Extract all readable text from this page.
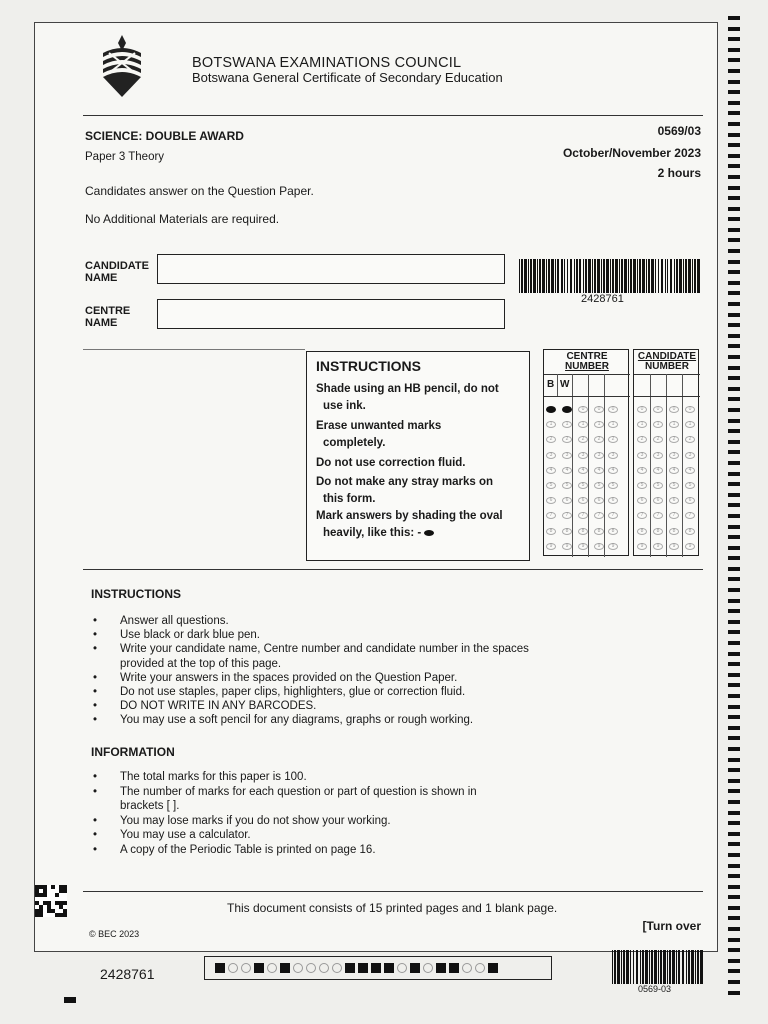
BOTSWANA EXAMINATIONS COUNCIL
Botswana General Certificate of Secondary Education
SCIENCE: DOUBLE AWARD
Paper 3 Theory
0569/03
October/November 2023
2 hours
Candidates answer on the Question Paper.
No Additional Materials are required.
CANDIDATE
NAME
CENTRE
NAME
2428761
INSTRUCTIONS
Shade using an HB pencil, do not
use ink.
Erase unwanted marks
completely.
Do not use correction fluid.
Do not make any stray marks on
this form.
Mark answers by shading the oval
heavily, like this: -
CENTRE
NUMBER
B W
1
2
3
4
5
6
7
8
9
1
2
3
4
5
6
7
8
9
0
1
2
3
4
5
6
7
8
9
0
1
2
3
4
5
6
7
8
9
0
1
2
3
4
5
6
7
8
9
CANDIDATE
NUMBER
0
1
2
3
4
5
6
7
8
9
0
1
2
3
4
5
6
7
8
9
0
1
2
3
4
5
6
7
8
9
0
1
2
3
4
5
6
7
8
9
INSTRUCTIONS
• Answer all questions.
• Use black or dark blue pen.
• Write your candidate name, Centre number and candidate number in the spaces
provided at the top of this page.
• Write your answers in the spaces provided on the Question Paper.
• Do not use staples, paper clips, highlighters, glue or correction fluid.
• DO NOT WRITE IN ANY BARCODES.
• You may use a soft pencil for any diagrams, graphs or rough working.
INFORMATION
• The total marks for this paper is 100.
• The number of marks for each question or part of question is shown in
brackets [ ].
• You may lose marks if you do not show your working.
• You may use a calculator.
• A copy of the Periodic Table is printed on page 16.
This document consists of 15 printed pages and 1 blank page.
© BEC 2023
[Turn over
2428761
0569-03
